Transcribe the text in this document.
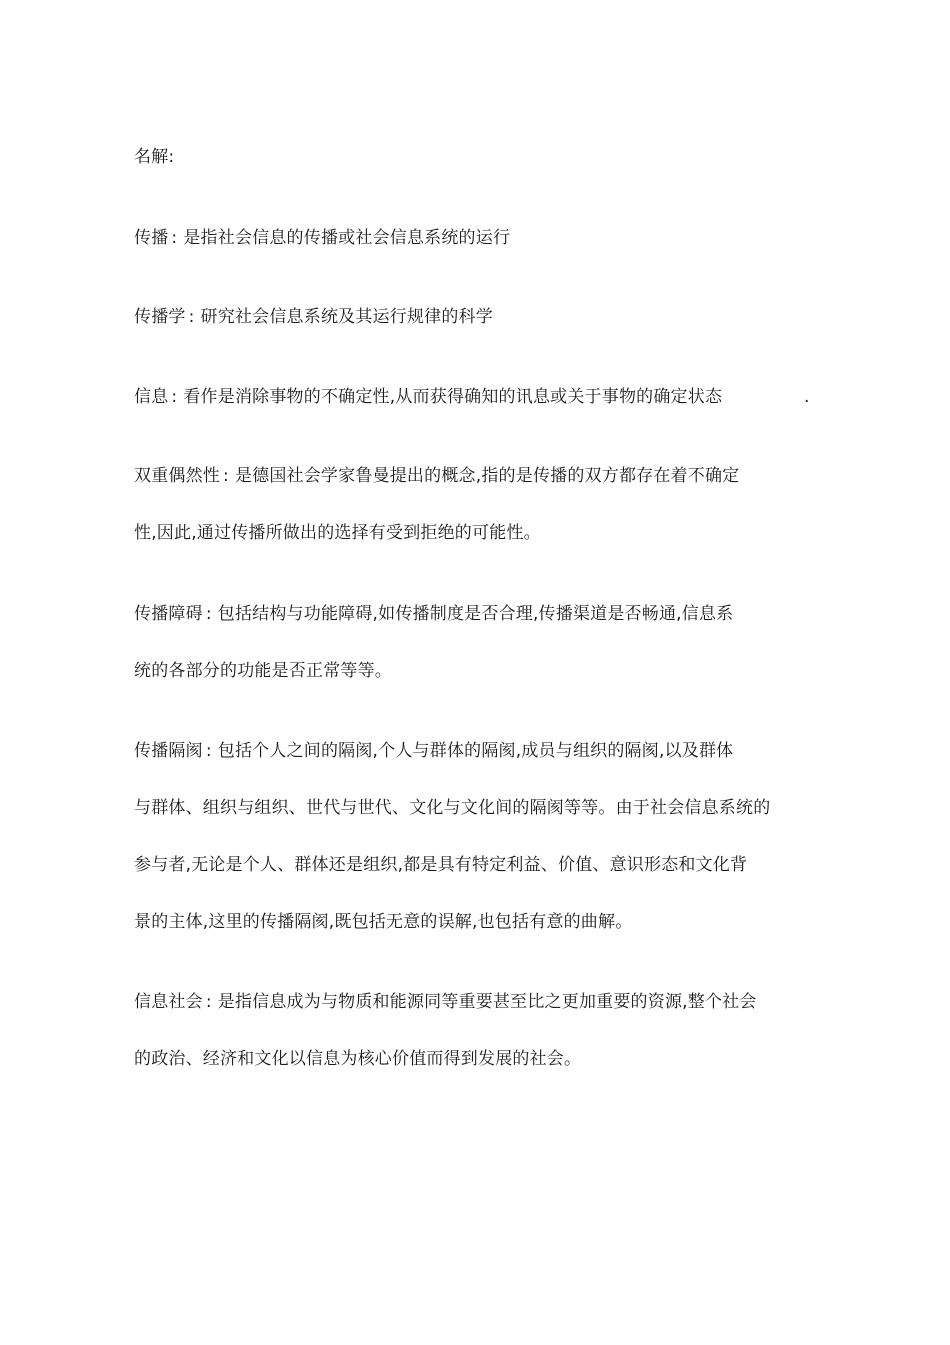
名解:
传播 : 是指社会信息的传播或社会信息系统的运行
传播学 : 研究社会信息系统及其运行规律的科学
信息 : 看作是消除事物的不确定性,从而获得确知的讯息或关于事物的确定状态	.
双重偶然性 : 是德国社会学家鲁曼提出的概念,指的是传播的双方都存在着不确定
性,因此,通过传播所做出的选择有受到拒绝的可能性。
传播障碍 : 包括结构与功能障碍,如传播制度是否合理,传播渠道是否畅通,信息系
统的各部分的功能是否正常等等。
传播隔阂 : 包括个人之间的隔阂,个人与群体的隔阂,成员与组织的隔阂,以及群体
与群体、组织与组织、世代与世代、文化与文化间的隔阂等等。由于社会信息系统的
参与者,无论是个人、群体还是组织,都是具有特定利益、价值、意识形态和文化背
景的主体,这里的传播隔阂,既包括无意的误解,也包括有意的曲解。
信息社会 : 是指信息成为与物质和能源同等重要甚至比之更加重要的资源,整个社会
的政治、经济和文化以信息为核心价值而得到发展的社会。
